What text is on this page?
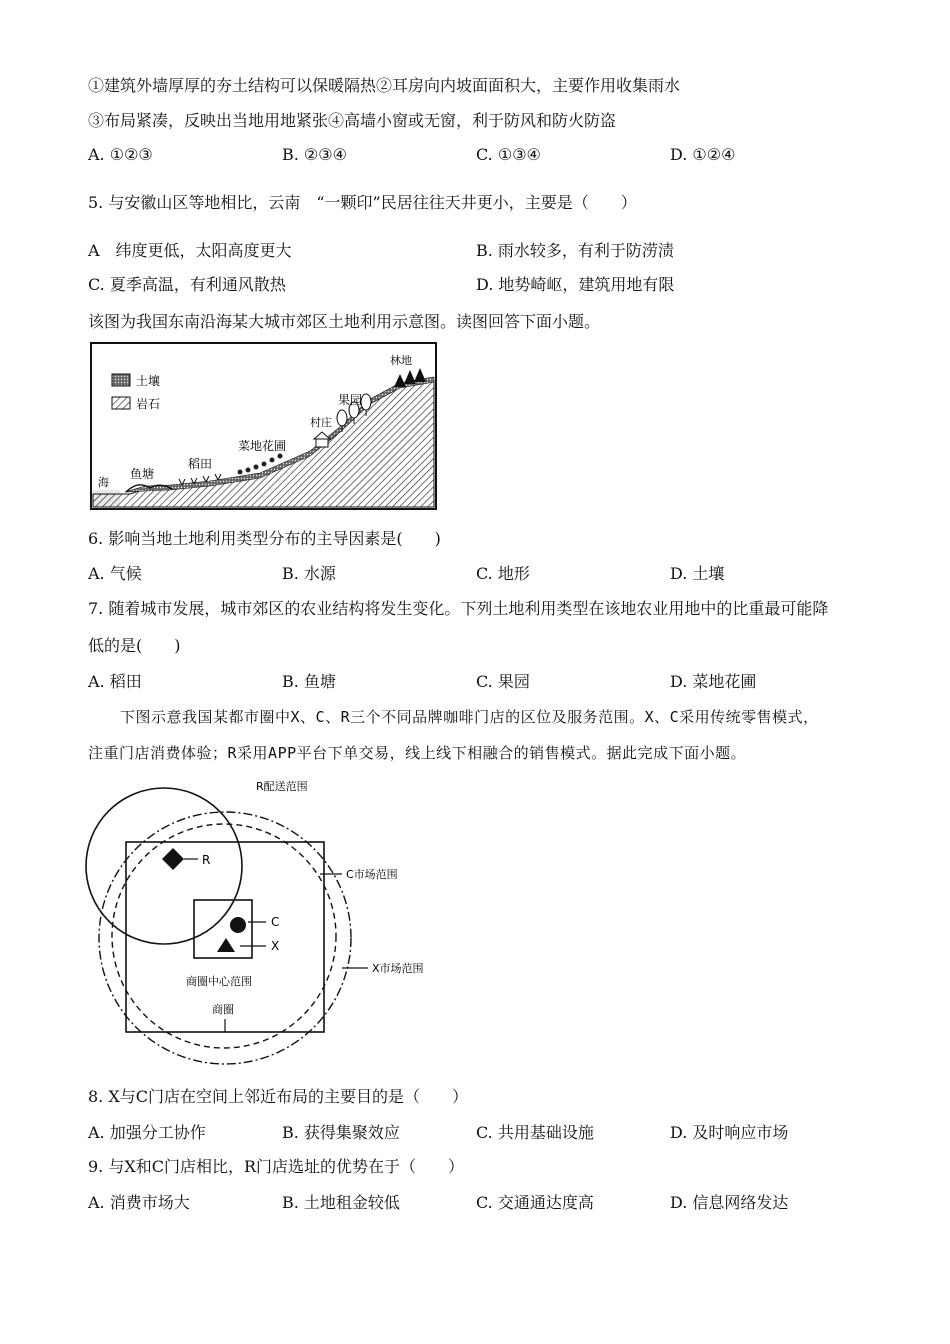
①建筑外墙厚厚的夯土结构可以保暖隔热②耳房向内坡面面积大，主要作用收集雨水
③布局紧凑，反映出当地用地紧张④高墙小窗或无窗，利于防风和防火防盗
A. ①②③	B. ②③④	C. ①③④	D. ①②④
5. 与安徽山区等地相比，云南　“一颗印”民居往往天井更小，主要是（　　）
A　纬度更低，太阳高度更大	B. 雨水较多，有利于防涝渍
C. 夏季高温，有利通风散热	D. 地势崎岖，建筑用地有限
该图为我国东南沿海某大城市郊区土地利用示意图。读图回答下面小题。
土壤
岩石
海
鱼塘
稻田
菜地花圃
村庄
果园
林地
6. 影响当地土地利用类型分布的主导因素是(　　)
A. 气候	B. 水源	C. 地形	D. 土壤
7. 随着城市发展，城市郊区的农业结构将发生变化。下列土地利用类型在该地农业用地中的比重最可能降
低的是(　　)
A. 稻田	B. 鱼塘	C. 果园	D. 菜地花圃
下图示意我国某都市圈中X、C、R三个不同品牌咖啡门店的区位及服务范围。X、C采用传统零售模式，
注重门店消费体验；R采用APP平台下单交易，线上线下相融合的销售模式。据此完成下面小题。
R
C
X
R配送范围
C市场范围
X市场范围
商圈中心范围
商圈
8. X与C门店在空间上邻近布局的主要目的是（　　）
A. 加强分工协作	B. 获得集聚效应	C. 共用基础设施	D. 及时响应市场
9. 与X和C门店相比，R门店选址的优势在于（　　）
A. 消费市场大	B. 土地租金较低	C. 交通通达度高	D. 信息网络发达
